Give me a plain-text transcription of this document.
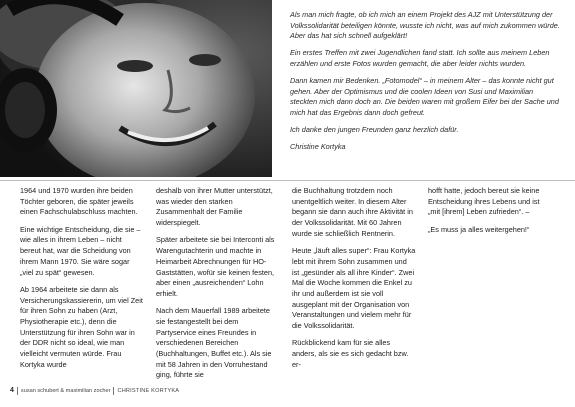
Als man mich fragte, ob ich mich an einem Projekt des AJZ mit Unterstützung der Volkssolidarität beteiligen könnte, wusste ich nicht, was auf mich zukommen würde. Aber das hat sich schnell aufgeklärt!

Ein erstes Treffen mit zwei Jugendlichen fand statt. Ich sollte aus meinem Leben erzählen und erste Fotos wurden gemacht, die aber leider nichts wurden.

Dann kamen mir Bedenken. „Fotomodel“ – in meinem Alter – das konnte nicht gut gehen. Aber der Optimismus und die coolen Ideen von Susi und Maximilian steckten mich dann doch an. Die beiden waren mit großem Eifer bei der Sache und mich hat das Ergebnis dann doch gefreut.

Ich danke den jungen Freunden ganz herzlich dafür.

Christine Kortyka

1964 und 1970 wurden ihre beiden Töchter geboren, die später jeweils einen Fachschulabschluss machten.

Eine wichtige Entscheidung, die sie – wie alles in ihrem Leben – nicht bereut hat, war die Scheidung von ihrem Mann 1970. Sie wäre sogar „viel zu spät“ gewesen.

Ab 1964 arbeitete sie dann als Versicherungskassiererin, um viel Zeit für ihren Sohn zu haben (Arzt, Physiotherapie etc.), denn die Unterstützung für ihren Sohn war in der DDR nicht so ideal, wie man vielleicht vermuten würde. Frau Kortyka wurde

deshalb von ihrer Mutter unterstützt, was wieder den starken Zusammenhalt der Familie widerspiegelt.

Später arbeitete sie bei Interconti als Warengutachterin und machte in Heimarbeit Abrechnungen für HO-Gaststätten, wofür sie keinen festen, aber einen „ausreichenden“ Lohn erhielt.

Nach dem Mauerfall 1989 arbeitete sie festangestellt bei dem Partyservice eines Freundes in verschiedenen Bereichen (Buchhaltungen, Buffet etc.). Als sie mit 58 Jahren in den Vorruhestand ging, führte sie

die Buchhaltung trotzdem noch unentgeltlich weiter. In diesem Alter begann sie dann auch ihre Aktivität in der Volkssolidarität. Mit 60 Jahren wurde sie schließlich Rentnerin.

Heute „läuft alles super“: Frau Kortyka lebt mit ihrem Sohn zusammen und ist „gesünder als all ihre Kinder“. Zwei Mal die Woche kommen die Enkel zu ihr und außerdem ist sie voll ausgeplant mit der Organisation von Veranstaltungen und vielem mehr für die Volkssolidarität.

Rückblickend kam für sie alles anders, als sie es sich gedacht bzw. er-

hofft hatte, jedoch bereut sie keine Entscheidung ihres Lebens und ist „mit [ihrem] Leben zufrieden“. –

„Es muss ja alles weitergehen!“

4 susan schubert & maximilian zocher CHRISTINE KORTYKA
